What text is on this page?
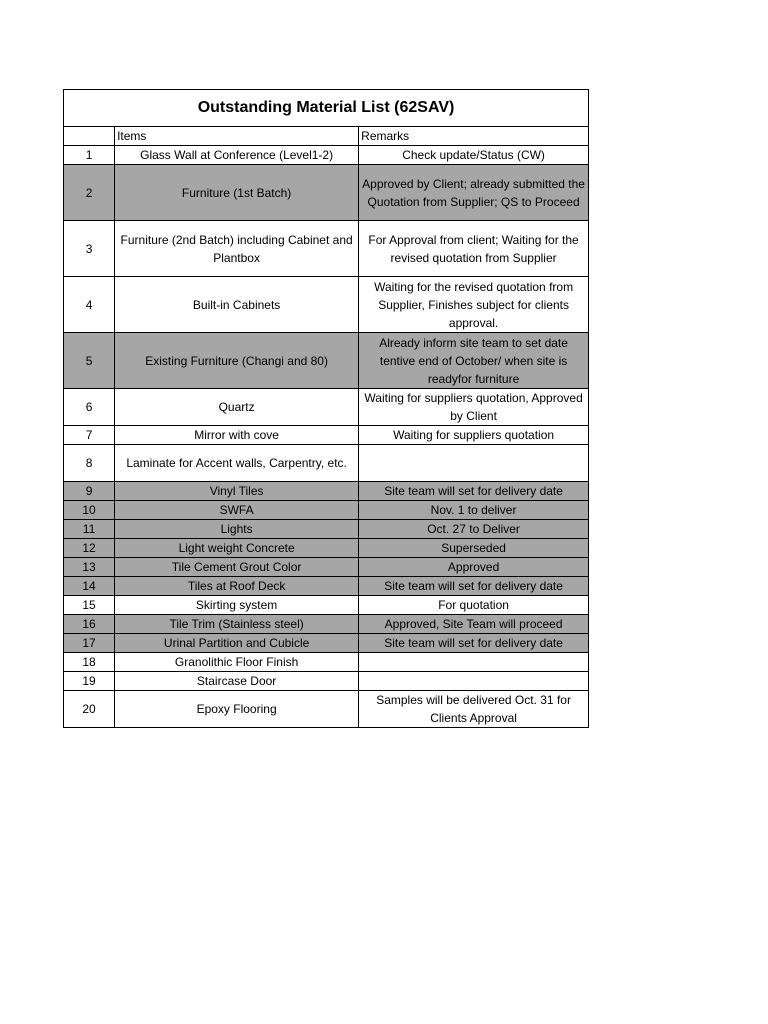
Outstanding Material List (62SAV)		
	Items	Remarks
1	Glass Wall at Conference (Level1-2)	Check update/Status (CW)
2	Furniture (1st Batch)	Approved by Client; already submitted the Quotation from Supplier; QS to Proceed
3	Furniture (2nd Batch) including Cabinet and Plantbox	For Approval from client; Waiting for the revised quotation from Supplier
4	Built-in Cabinets	Waiting for the revised quotation from Supplier, Finishes subject for clients approval.
5	Existing Furniture (Changi and 80)	Already inform site team to set date tentive end of October/ when site is readyfor furniture
6	Quartz	Waiting for suppliers quotation, Approved by Client
7	Mirror with cove	Waiting for suppliers quotation
8	Laminate for Accent walls, Carpentry, etc.	
9	Vinyl Tiles	Site team will set for delivery date
10	SWFA	Nov. 1 to deliver
11	Lights	Oct. 27 to Deliver
12	Light weight Concrete	Superseded
13	Tile Cement Grout Color	Approved
14	Tiles at Roof Deck	Site team will set for delivery date
15	Skirting system	For quotation
16	Tile Trim (Stainless steel)	Approved, Site Team will proceed
17	Urinal Partition and Cubicle	Site team will set for delivery date
18	Granolithic Floor Finish	
19	Staircase Door	
20	Epoxy Flooring	Samples will be delivered Oct. 31 for Clients Approval
